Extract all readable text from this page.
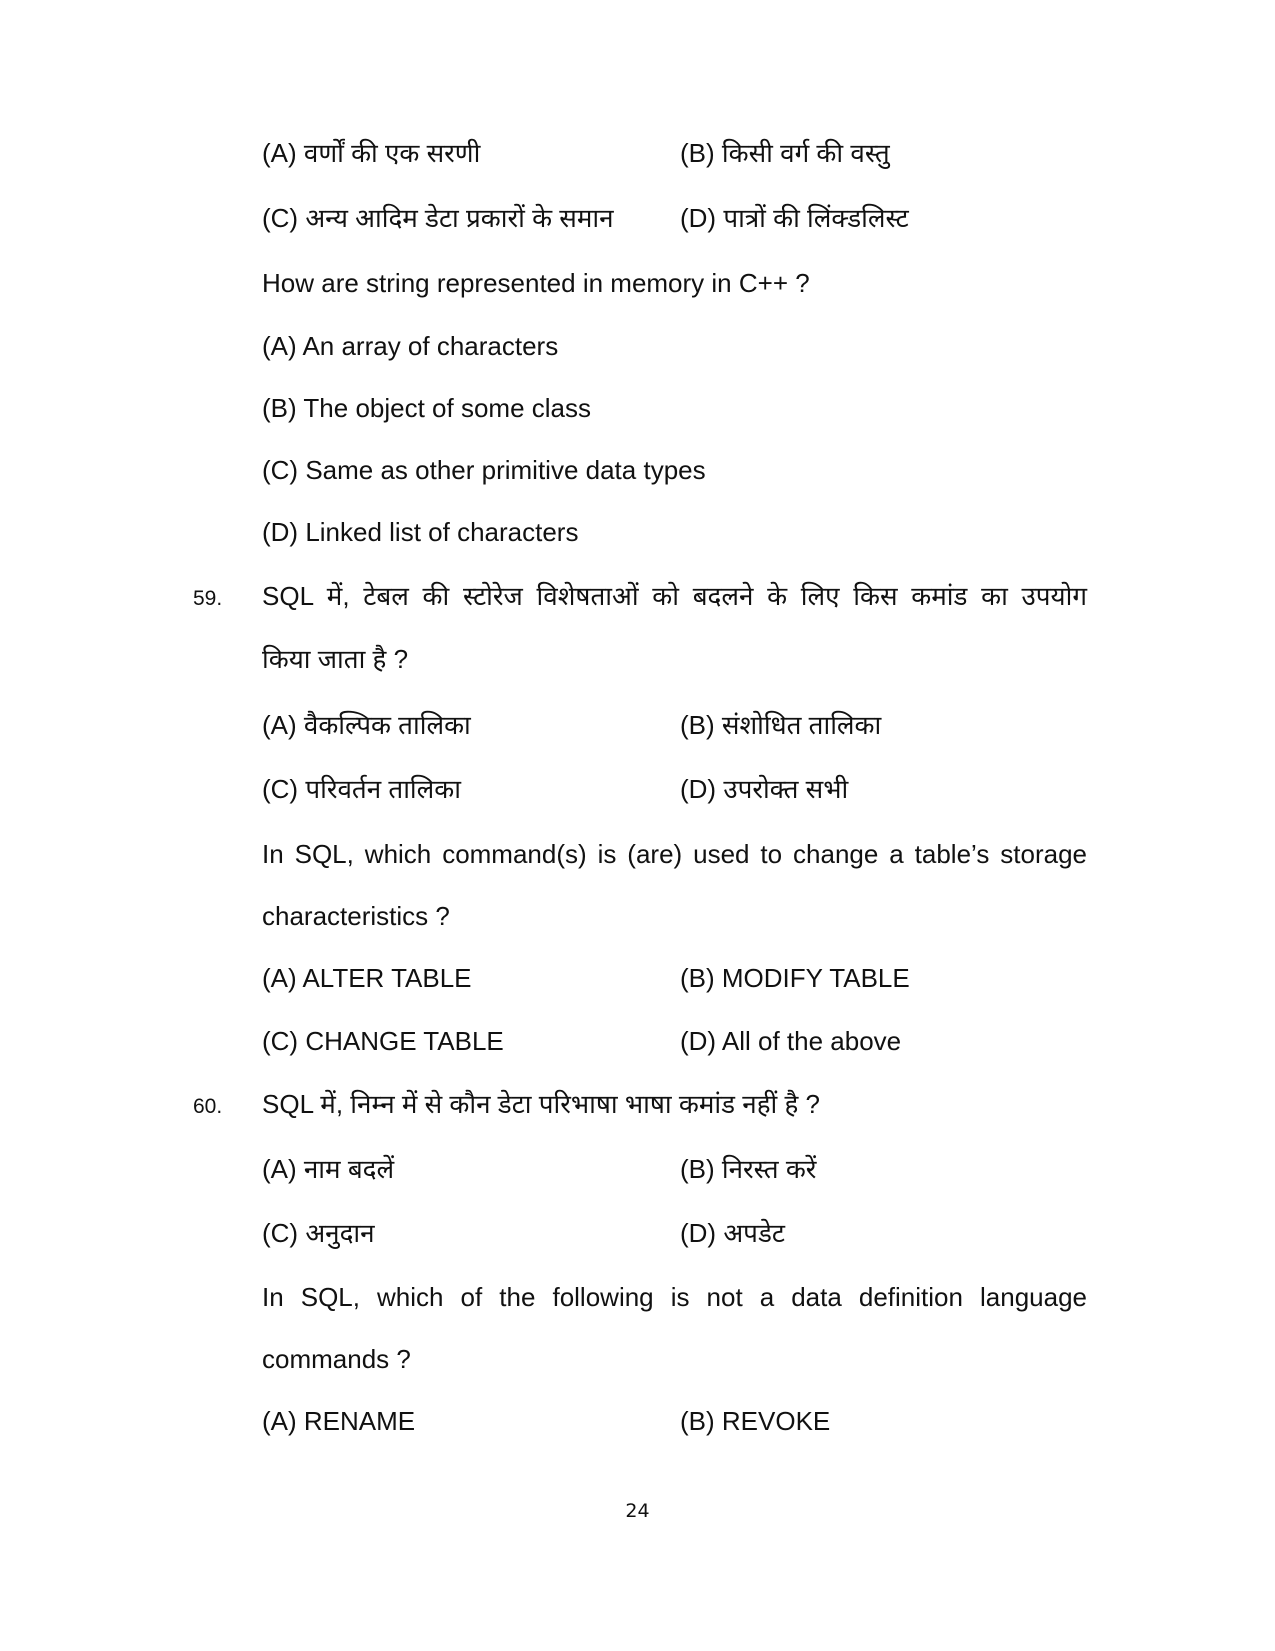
(A) वर्णों की एक सरणी	(B) किसी वर्ग की वस्तु
(C) अन्य आदिम डेटा प्रकारों के समान	(D) पात्रों की लिंक्डलिस्ट
How are string represented in memory in C++ ?
(A) An array of characters
(B) The object of some class
(C) Same as other primitive data types
(D) Linked list of characters
59. SQL में, टेबल की स्टोरेज विशेषताओं को बदलने के लिए किस कमांड का उपयोग
किया जाता है ?
(A) वैकल्पिक तालिका	(B) संशोधित तालिका
(C) परिवर्तन तालिका	(D) उपरोक्त सभी
In SQL, which command(s) is (are) used to change a table’s storage
characteristics ?
(A) ALTER TABLE	(B) MODIFY TABLE
(C) CHANGE TABLE	(D) All of the above
60. SQL में, निम्न में से कौन डेटा परिभाषा भाषा कमांड नहीं है ?
(A) नाम बदलें	(B) निरस्त करें
(C) अनुदान	(D) अपडेट
In SQL, which of the following is not a data definition language
commands ?
(A) RENAME	(B) REVOKE
24
